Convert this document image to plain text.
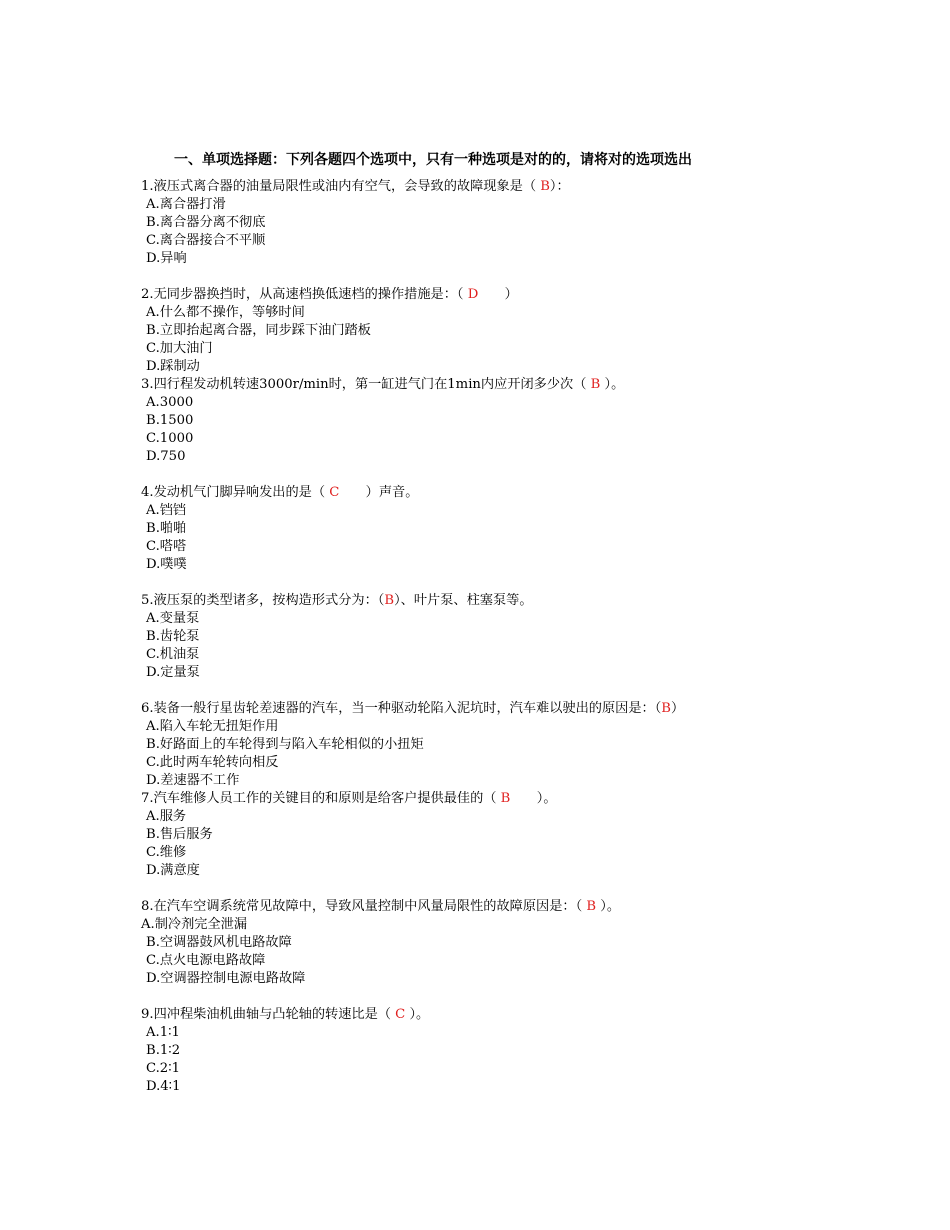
一、单项选择题：下列各题四个选项中，只有一种选项是对的的，请将对的选项选出
1.液压式离合器的油量局限性或油内有空气，会导致的故障现象是（ B）：
A.离合器打滑
B.离合器分离不彻底
C.离合器接合不平顺
D.异响
2.无同步器换挡时，从高速档换低速档的操作措施是：（ D　　）
A.什么都不操作，等够时间
B.立即抬起离合器，同步踩下油门踏板
C.加大油门
D.踩制动
3.四行程发动机转速3000r/min时，第一缸进气门在1min内应开闭多少次（ B ）。
A.3000
B.1500
C.1000
D.750
4.发动机气门脚异响发出的是（ C　　）声音。
A.铛铛
B.啪啪
C.嗒嗒
D.噗噗
5.液压泵的类型诸多，按构造形式分为：（B）、叶片泵、柱塞泵等。
A.变量泵
B.齿轮泵
C.机油泵
D.定量泵
6.装备一般行星齿轮差速器的汽车，当一种驱动轮陷入泥坑时，汽车难以驶出的原因是：（B）
A.陷入车轮无扭矩作用
B.好路面上的车轮得到与陷入车轮相似的小扭矩
C.此时两车轮转向相反
D.差速器不工作
7.汽车维修人员工作的关键目的和原则是给客户提供最佳的（ B　　）。
A.服务
B.售后服务
C.维修
D.满意度
8.在汽车空调系统常见故障中，导致风量控制中风量局限性的故障原因是：（ B ）。
A.制冷剂完全泄漏
B.空调器鼓风机电路故障
C.点火电源电路故障
D.空调器控制电源电路故障
9.四冲程柴油机曲轴与凸轮轴的转速比是（ C ）。
A.1∶1
B.1∶2
C.2∶1
D.4∶1
